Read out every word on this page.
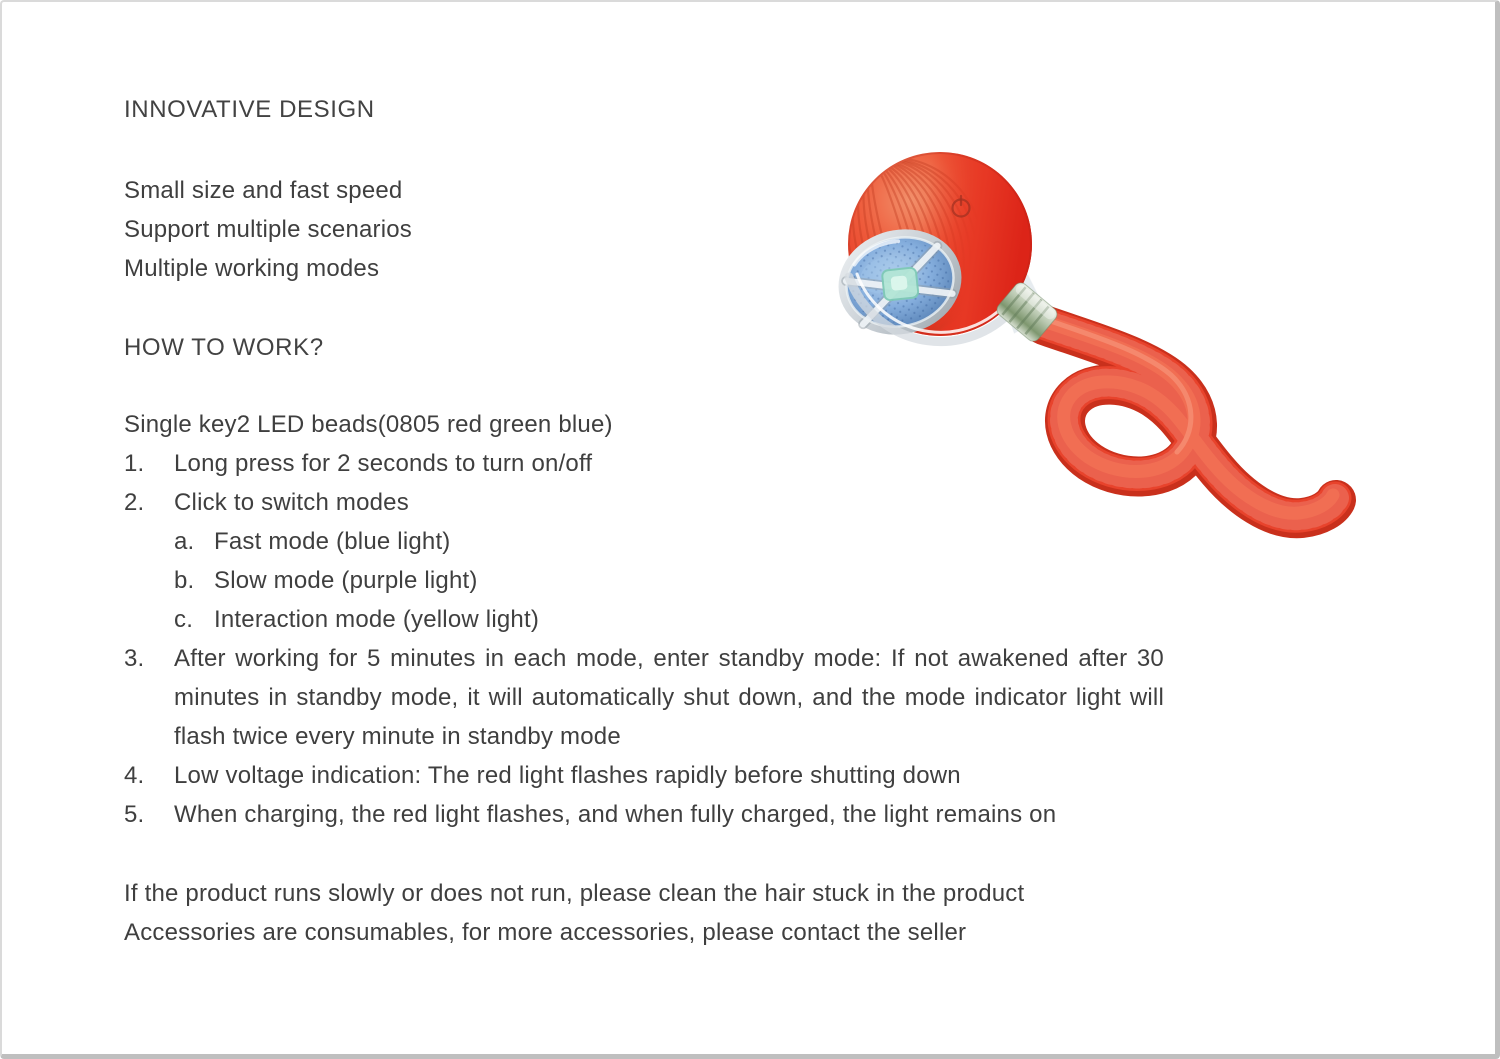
INNOVATIVE DESIGN
Small size and fast speed
Support multiple scenarios
Multiple working modes
HOW TO WORK?
Single key2 LED beads(0805 red green blue)
1.	Long press for 2 seconds to turn on/off
2.	Click to switch modes
a. Fast mode (blue light)
b. Slow mode (purple light)
c. Interaction mode (yellow light)
3.	After working for 5 minutes in each mode, enter standby mode: If not awakened after 30 minutes in standby mode, it will automatically shut down, and the mode indicator light will flash twice every minute in standby mode
4.	Low voltage indication: The red light flashes rapidly before shutting down
5.	When charging, the red light flashes, and when fully charged, the light remains on
If the product runs slowly or does not run, please clean the hair stuck in the product
Accessories are consumables, for more accessories, please contact the seller
